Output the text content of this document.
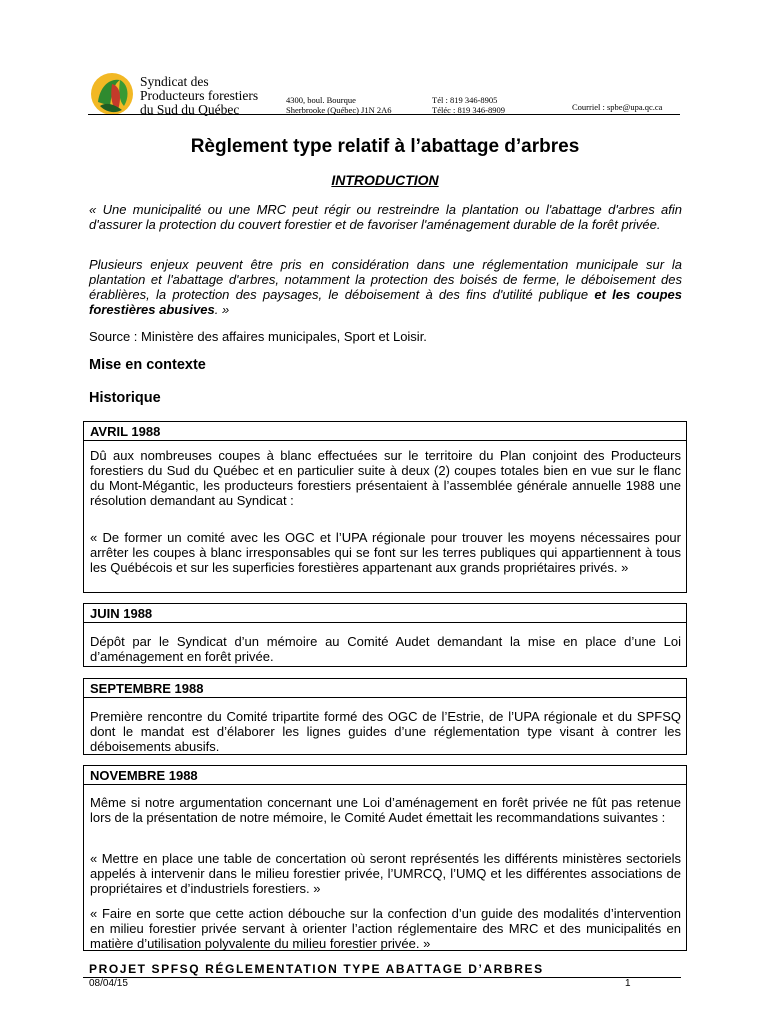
Syndicat des
Producteurs forestiers
du Sud du Québec
4300, boul. Bourque
Sherbrooke (Québec) J1N 2A6
Tél : 819 346-8905
Téléc : 819 346-8909	Courriel : spbe@upa.qc.ca
Règlement type relatif à l’abattage d’arbres
INTRODUCTION
« Une municipalité ou une MRC peut régir ou restreindre la plantation ou l'abattage d'arbres afin d'assurer la protection du couvert forestier et de favoriser l'aménagement durable de la forêt privée.
Plusieurs enjeux peuvent être pris en considération dans une réglementation municipale sur la plantation et l'abattage d'arbres, notamment la protection des boisés de ferme, le déboisement des érablières, la protection des paysages, le déboisement à des fins d'utilité publique et les coupes forestières abusives. »
Source : Ministère des affaires municipales, Sport et Loisir.
Mise en contexte
Historique
AVRIL 1988
Dû aux nombreuses coupes à blanc effectuées sur le territoire du Plan conjoint des Producteurs forestiers du Sud du Québec et en particulier suite à deux (2) coupes totales bien en vue sur le flanc du Mont-Mégantic, les producteurs forestiers présentaient à l’assemblée générale annuelle 1988 une résolution demandant au Syndicat :
« De former un comité avec les OGC et l’UPA régionale pour trouver les moyens nécessaires pour arrêter les coupes à blanc irresponsables qui se font sur les terres publiques qui appartiennent à tous les Québécois et sur les superficies forestières appartenant aux grands propriétaires privés. »
JUIN 1988
Dépôt par le Syndicat d’un mémoire au Comité Audet demandant la mise en place d’une Loi d’aménagement en forêt privée.
SEPTEMBRE 1988
Première rencontre du Comité tripartite formé des OGC de l’Estrie, de l’UPA régionale et du SPFSQ dont le mandat est d’élaborer les lignes guides d’une réglementation type visant à contrer les déboisements abusifs.
NOVEMBRE 1988
Même si notre argumentation concernant une Loi d’aménagement en forêt privée ne fût pas retenue lors de la présentation de notre mémoire, le Comité Audet émettait les recommandations suivantes :
« Mettre en place une table de concertation où seront représentés les différents ministères sectoriels appelés à intervenir dans le milieu forestier privée, l’UMRCQ, l’UMQ et les différentes associations de propriétaires et d’industriels forestiers. »
« Faire en sorte que cette action débouche sur la confection d’un guide des modalités d’intervention en milieu forestier privée servant à orienter l’action réglementaire des MRC et des municipalités en matière d’utilisation polyvalente du milieu forestier privée. »
PROJET SPFSQ RÉGLEMENTATION TYPE ABATTAGE D’ARBRES
08/04/15	1
